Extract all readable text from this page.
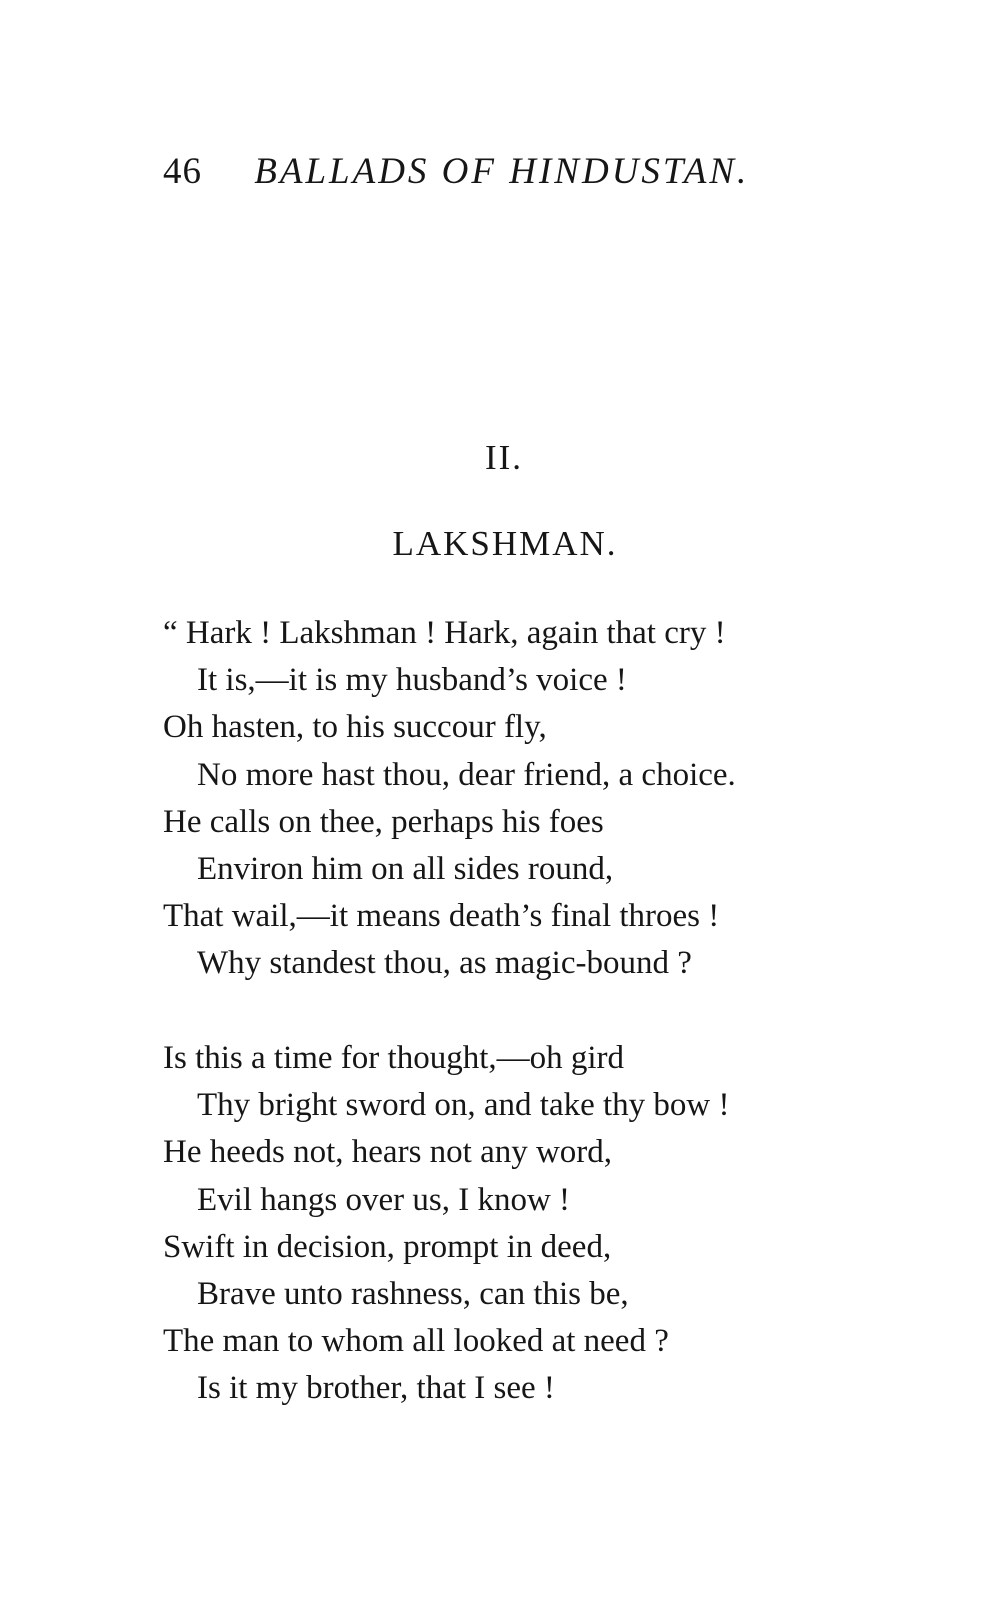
46 BALLADS OF HINDUSTAN.
II.
LAKSHMAN.
“ Hark ! Lakshman ! Hark, again that cry !
It is,—it is my husband’s voice !
Oh hasten, to his succour fly,
No more hast thou, dear friend, a choice.
He calls on thee, perhaps his foes
Environ him on all sides round,
That wail,—it means death’s final throes !
Why standest thou, as magic-bound ?
Is this a time for thought,—oh gird
Thy bright sword on, and take thy bow !
He heeds not, hears not any word,
Evil hangs over us, I know !
Swift in decision, prompt in deed,
Brave unto rashness, can this be,
The man to whom all looked at need ?
Is it my brother, that I see !
